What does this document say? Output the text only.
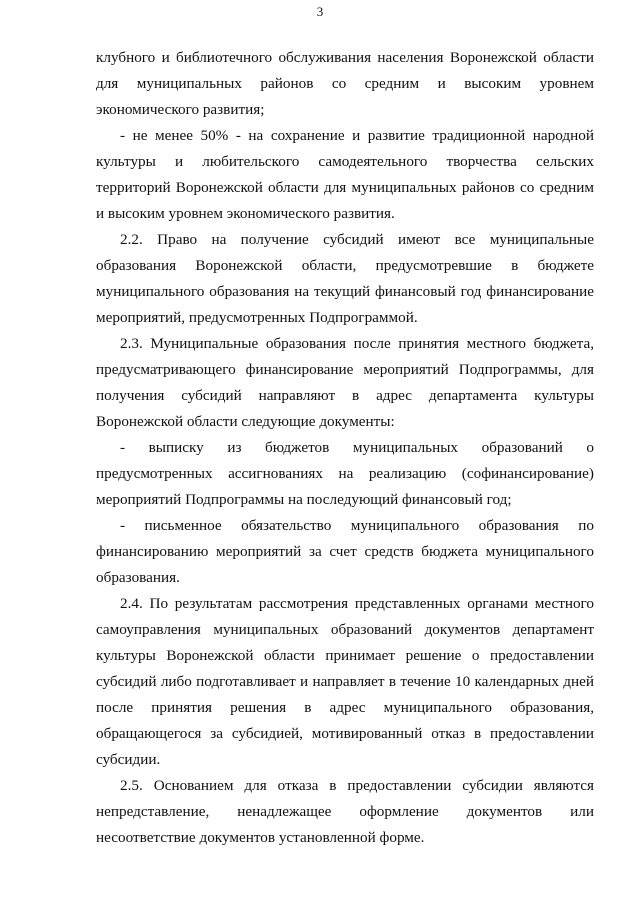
3

клубного и библиотечного обслуживания населения Воронежской области для муниципальных районов со средним и высоким уровнем экономического развития;

- не менее 50% - на сохранение и развитие традиционной народной культуры и любительского самодеятельного творчества сельских территорий Воронежской области для муниципальных районов со средним и высоким уровнем экономического развития.

2.2. Право на получение субсидий имеют все муниципальные образования Воронежской области, предусмотревшие в бюджете муниципального образования на текущий финансовый год финансирование мероприятий, предусмотренных Подпрограммой.

2.3. Муниципальные образования после принятия местного бюджета, предусматривающего финансирование мероприятий Подпрограммы, для получения субсидий направляют в адрес департамента культуры Воронежской области следующие документы:

- выписку из бюджетов муниципальных образований о предусмотренных ассигнованиях на реализацию (софинансирование) мероприятий Подпрограммы на последующий финансовый год;

- письменное обязательство муниципального образования по финансированию мероприятий за счет средств бюджета муниципального образования.

2.4. По результатам рассмотрения представленных органами местного самоуправления муниципальных образований документов департамент культуры Воронежской области принимает решение о предоставлении субсидий либо подготавливает и направляет в течение 10 календарных дней после принятия решения в адрес муниципального образования, обращающегося за субсидией, мотивированный отказ в предоставлении субсидии.

2.5. Основанием для отказа в предоставлении субсидии являются непредставление, ненадлежащее оформление документов или несоответствие документов установленной форме.
